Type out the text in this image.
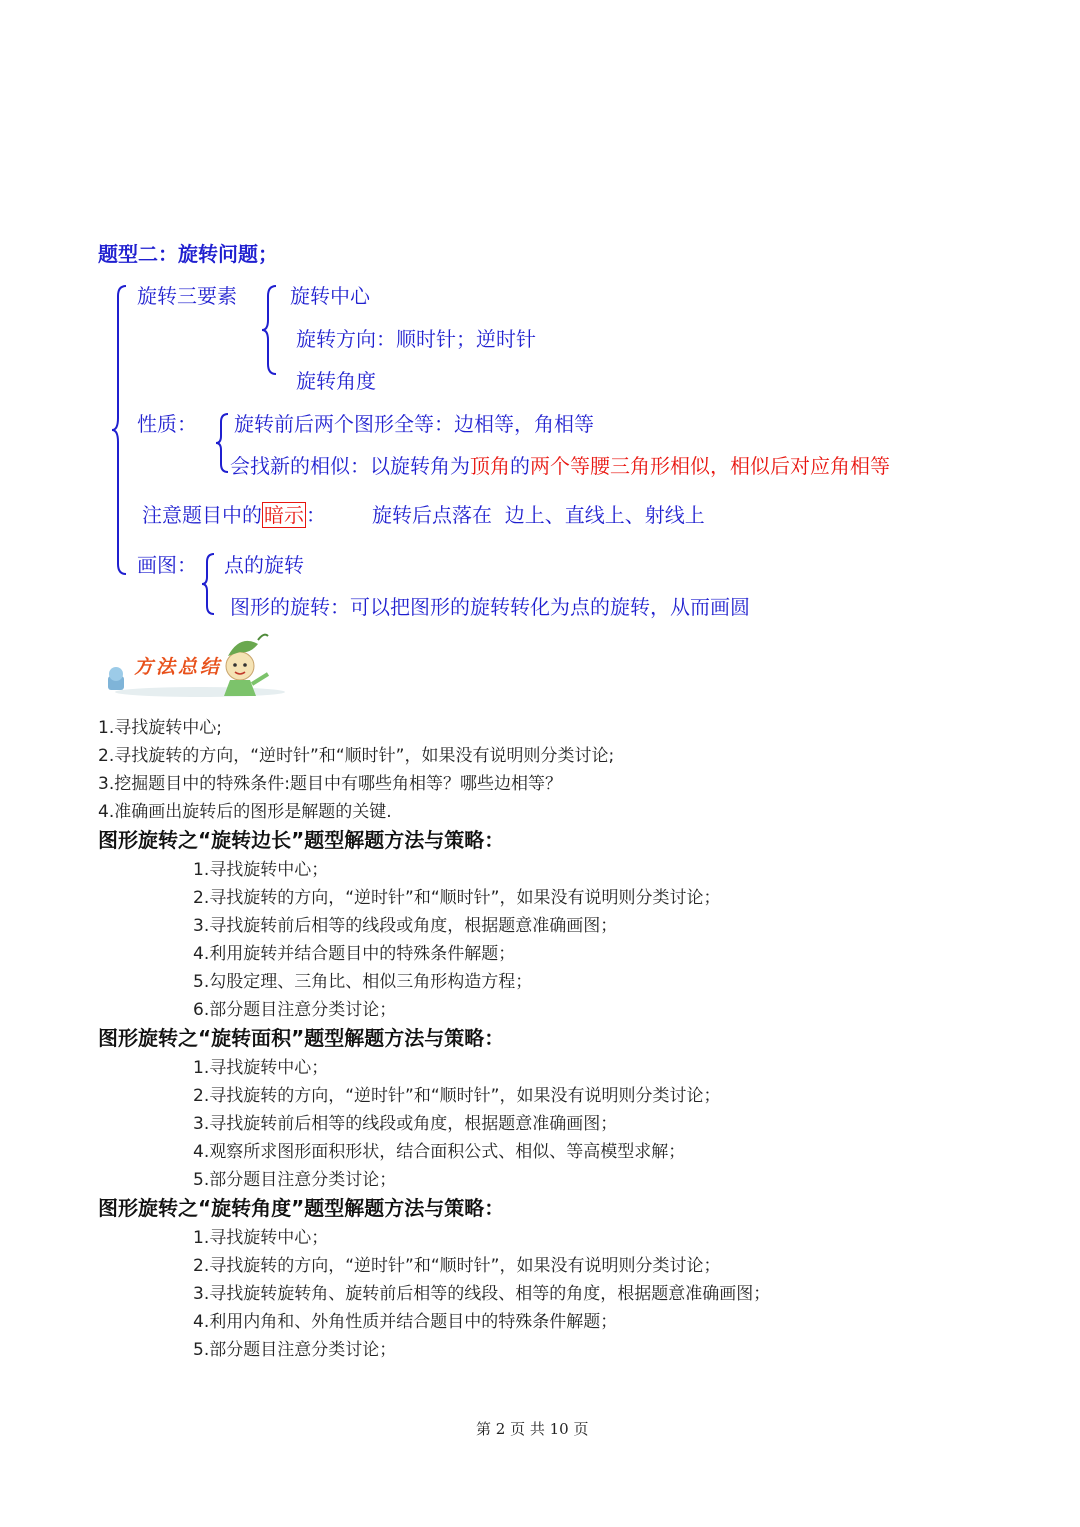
题型二：旋转问题；
旋转三要素	旋转中心
旋转方向：顺时针；逆时针
旋转角度
性质： 旋转前后两个图形全等：边相等，角相等
会找新的相似：以旋转角为顶角的两个等腰三角形相似，相似后对应角相等
注意题目中的 暗示 ： 旋转后点落在  边上、直线上、射线上
画图： 点的旋转
图形的旋转：可以把图形的旋转转化为点的旋转，从而画圆
方法总结
1.寻找旋转中心;
2.寻找旋转的方向，“逆时针”和“顺时针”，如果没有说明则分类讨论;
3.挖掘题目中的特殊条件:题目中有哪些角相等？哪些边相等？
4.准确画出旋转后的图形是解题的关键.
图形旋转之“旋转边长”题型解题方法与策略：
1.寻找旋转中心；
2.寻找旋转的方向，“逆时针”和“顺时针”，如果没有说明则分类讨论；
3.寻找旋转前后相等的线段或角度，根据题意准确画图；
4.利用旋转并结合题目中的特殊条件解题；
5.勾股定理、三角比、相似三角形构造方程；
6.部分题目注意分类讨论；
图形旋转之“旋转面积”题型解题方法与策略：
1.寻找旋转中心；
2.寻找旋转的方向，“逆时针”和“顺时针”，如果没有说明则分类讨论；
3.寻找旋转前后相等的线段或角度，根据题意准确画图；
4.观察所求图形面积形状，结合面积公式、相似、等高模型求解；
5.部分题目注意分类讨论；
图形旋转之“旋转角度”题型解题方法与策略：
1.寻找旋转中心；
2.寻找旋转的方向，“逆时针”和“顺时针”，如果没有说明则分类讨论；
3.寻找旋转旋转角、旋转前后相等的线段、相等的角度，根据题意准确画图；
4.利用内角和、外角性质并结合题目中的特殊条件解题；
5.部分题目注意分类讨论；
第 2 页 共 10 页
